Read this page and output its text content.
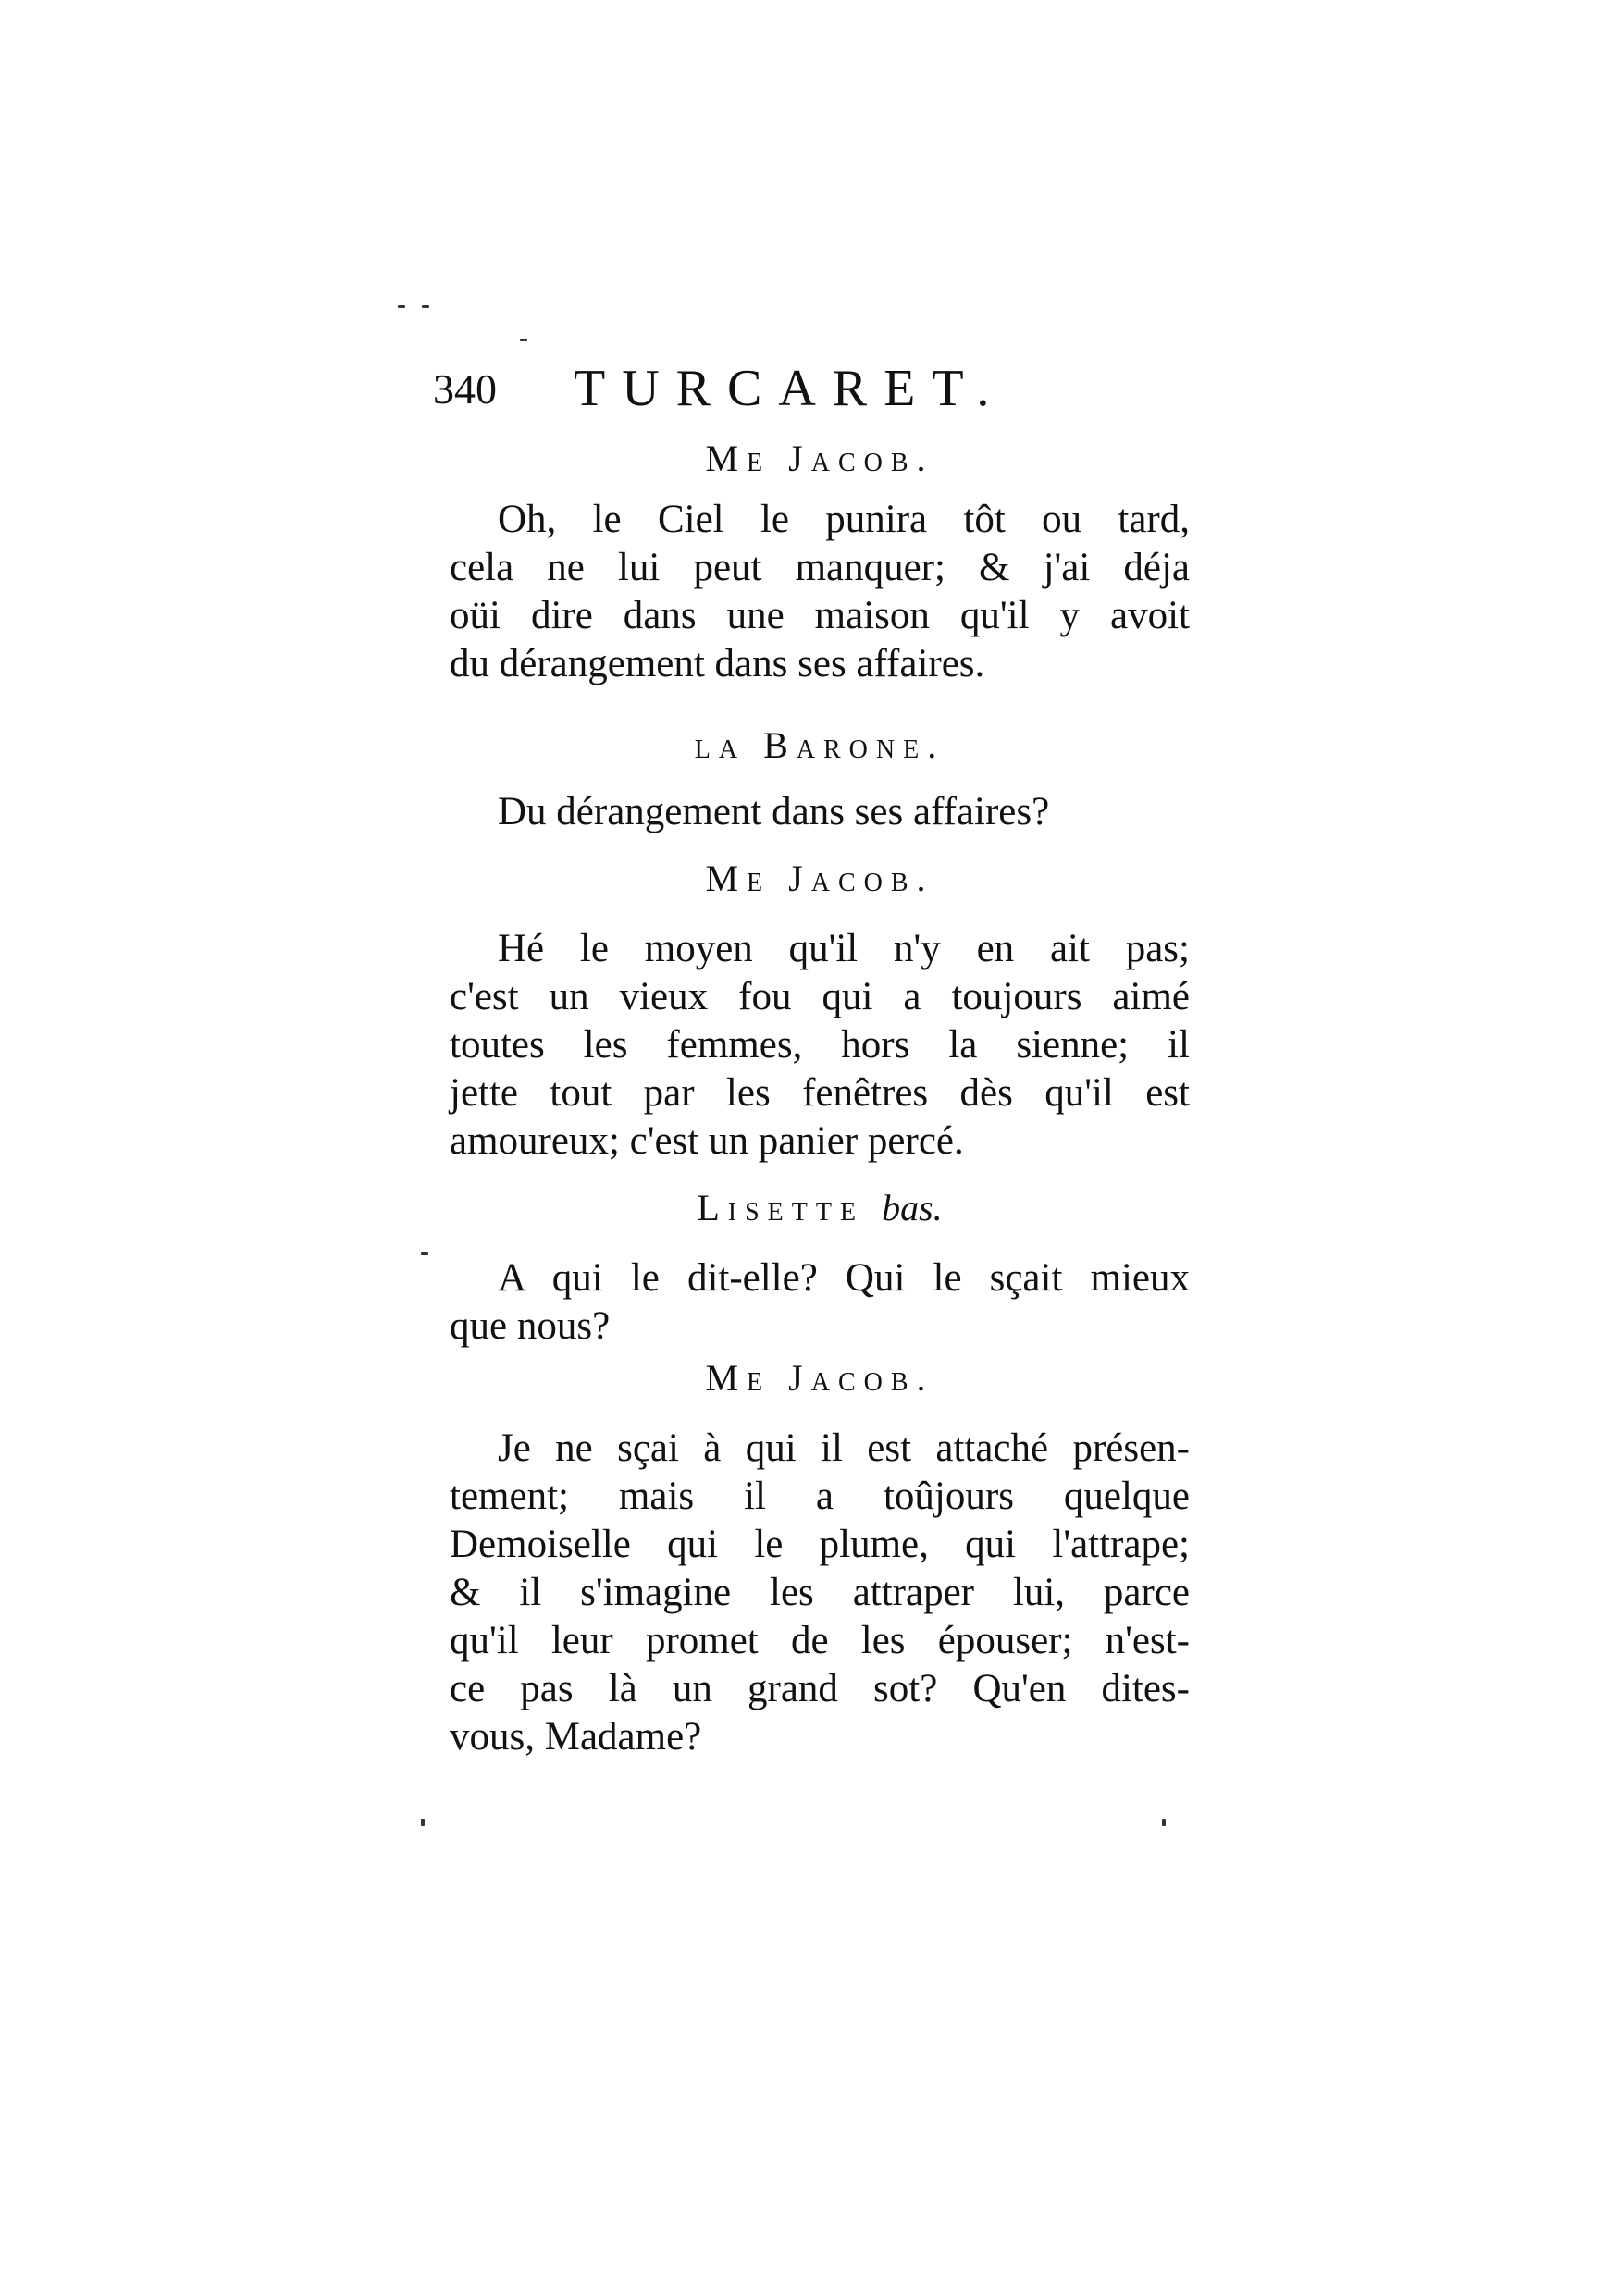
340 TURCARET.
Me Jacob.
Oh, le Ciel le punira tôt ou tard,
cela ne lui peut manquer; & j'ai déja
oüi dire dans une maison qu'il y avoit
du dérangement dans ses affaires.
la Barone.
Du dérangement dans ses affaires?
Me Jacob.
Hé le moyen qu'il n'y en ait pas;
c'est un vieux fou qui a toujours aimé
toutes les femmes, hors la sienne; il
jette tout par les fenêtres dès qu'il est
amoureux; c'est un panier percé.
Lisette bas.
A qui le dit-elle? Qui le sçait mieux
que nous?
Me Jacob.
Je ne sçai à qui il est attaché présen-
tement; mais il a toûjours quelque
Demoiselle qui le plume, qui l'attrape;
& il s'imagine les attraper lui, parce
qu'il leur promet de les épouser; n'est-
ce pas là un grand sot? Qu'en dites-
vous, Madame?
